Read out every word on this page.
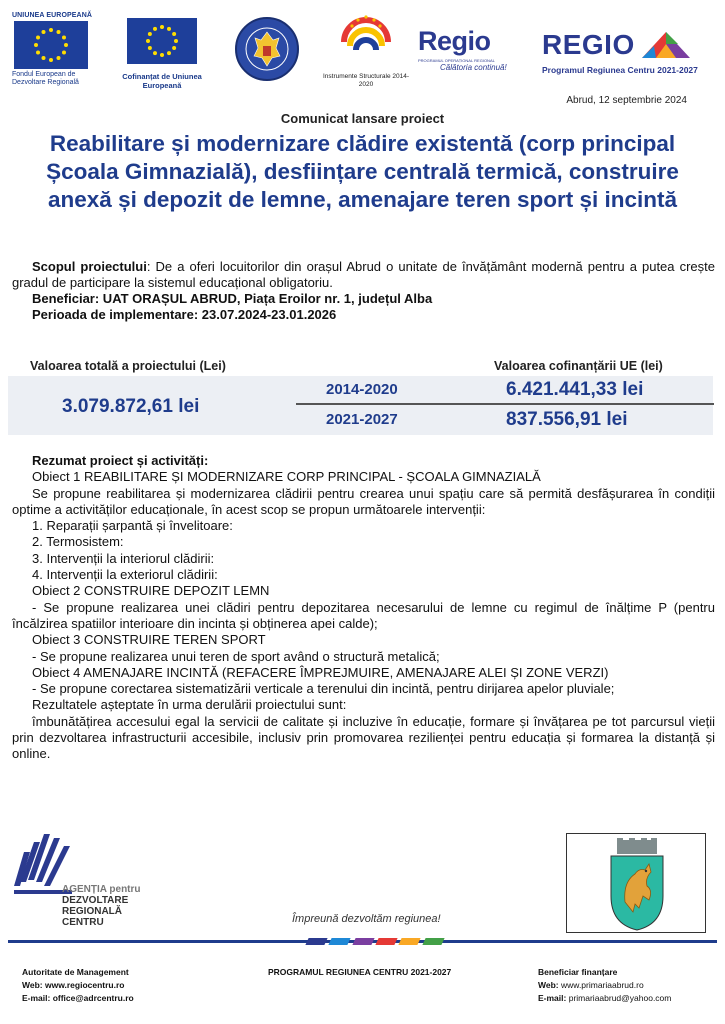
UNIUNEA EUROPEANĂ
Fondul European de Dezvoltare Regională
Cofinanțat de Uniunea Europeană
Instrumente Structurale 2014-2020
Regio
PROGRAMUL OPERAȚIONAL REGIONAL
Călătoria continuă!
REGIO
Programul Regiunea Centru 2021-2027
Abrud, 12 septembrie 2024
Comunicat lansare proiect
Reabilitare și modernizare clădire existentă (corp principal Școala Gimnazială), desființare centrală termică, construire anexă și depozit de lemne, amenajare teren sport și incintă

Scopul proiectului: De a oferi locuitorilor din orașul Abrud o unitate de învățământ modernă pentru a putea crește gradul de participare la sistemul educațional obligatoriu.

Beneficiar: UAT ORAȘUL ABRUD, Piața Eroilor nr. 1, județul Alba

Perioada de implementare: 23.07.2024-23.01.2026

Valoarea totală a proiectului (Lei)	Valoarea cofinanțării UE (lei)
3.079.872,61 lei
2014-2020	6.421.441,33 lei
2021-2027	837.556,91 lei

Rezumat proiect și activități:

Obiect 1 REABILITARE ȘI MODERNIZARE CORP PRINCIPAL - ȘCOALA GIMNAZIALĂ

Se propune reabilitarea și modernizarea clădirii pentru crearea unui spațiu care să permită desfășurarea în condiții optime a activităților educaționale, în acest scop se propun următoarele intervenții:

1. Reparații șarpantă și învelitoare:

2. Termosistem:

3. Intervenții la interiorul clădirii:

4. Intervenții la exteriorul clădirii:

Obiect 2 CONSTRUIRE DEPOZIT LEMN

- Se propune realizarea unei clădiri pentru depozitarea necesarului de lemne cu regimul de înălțime P (pentru încălzirea spatiilor interioare din incinta și obținerea apei calde);

Obiect 3 CONSTRUIRE TEREN SPORT

- Se propune realizarea unui teren de sport având o structură metalică;

Obiect 4 AMENAJARE INCINTĂ (REFACERE ÎMPREJMUIRE, AMENAJARE ALEI ȘI ZONE VERZI)

- Se propune corectarea sistematizării verticale a terenului din incintă, pentru dirijarea apelor pluviale;

Rezultatele așteptate în urma derulării proiectului sunt:

îmbunătățirea accesului egal la servicii de calitate și incluzive în educație, formare și învățarea pe tot parcursul vieții prin dezvoltarea infrastructurii accesibile, inclusiv prin promovarea rezilienței pentru educația și formarea la distanță și online.

AGENȚIA pentru
DEZVOLTARE
REGIONALĂ
CENTRU	Împreună dezvoltăm regiunea!
Autoritate de Management
Web: www.regiocentru.ro
E-mail: office@adrcentru.ro
PROGRAMUL REGIUNEA CENTRU 2021-2027	Beneficiar finanțare
Web: www.primariaabrud.ro
E-mail: primariaabrud@yahoo.com
